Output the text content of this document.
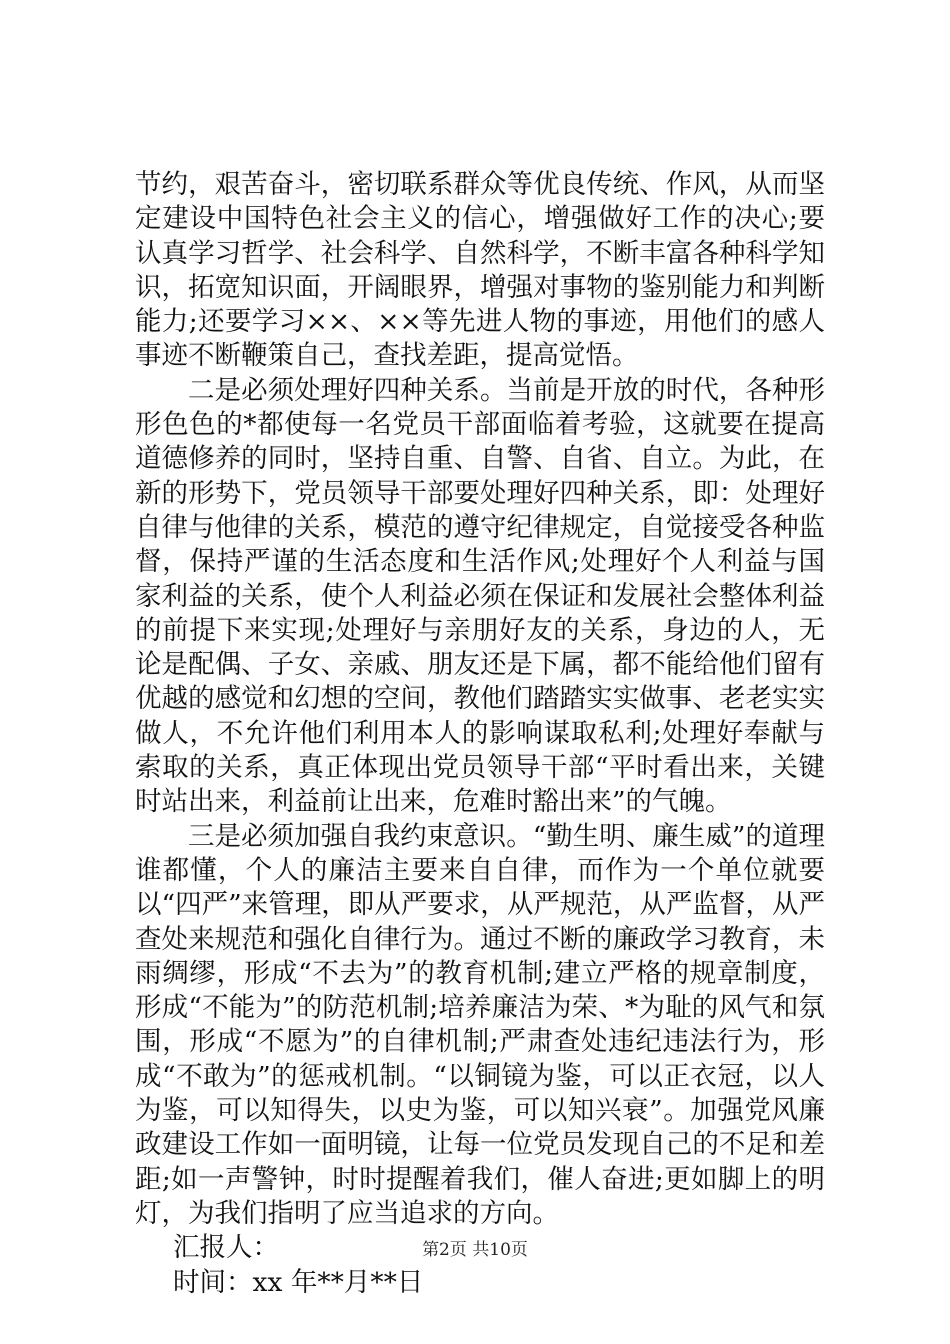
节约，艰苦奋斗，密切联系群众等优良传统、作风，从而坚定建设中国特色社会主义的信心，增强做好工作的决心;要认真学习哲学、社会科学、自然科学，不断丰富各种科学知识，拓宽知识面，开阔眼界，增强对事物的鉴别能力和判断能力;还要学习××、××等先进人物的事迹，用他们的感人事迹不断鞭策自己，查找差距，提高觉悟。

二是必须处理好四种关系。当前是开放的时代，各种形形色色的*都使每一名党员干部面临着考验，这就要在提高道德修养的同时，坚持自重、自警、自省、自立。为此，在新的形势下，党员领导干部要处理好四种关系，即：处理好自律与他律的关系，模范的遵守纪律规定，自觉接受各种监督，保持严谨的生活态度和生活作风;处理好个人利益与国家利益的关系，使个人利益必须在保证和发展社会整体利益的前提下来实现;处理好与亲朋好友的关系，身边的人，无论是配偶、子女、亲戚、朋友还是下属，都不能给他们留有优越的感觉和幻想的空间，教他们踏踏实实做事、老老实实做人，不允许他们利用本人的影响谋取私利;处理好奉献与索取的关系，真正体现出党员领导干部“平时看出来，关键时站出来，利益前让出来，危难时豁出来”的气魄。

三是必须加强自我约束意识。“勤生明、廉生威”的道理谁都懂，个人的廉洁主要来自自律，而作为一个单位就要以“四严”来管理，即从严要求，从严规范，从严监督，从严查处来规范和强化自律行为。通过不断的廉政学习教育，未雨绸缪，形成“不去为”的教育机制;建立严格的规章制度，形成“不能为”的防范机制;培养廉洁为荣、*为耻的风气和氛围，形成“不愿为”的自律机制;严肃查处违纪违法行为，形成“不敢为”的惩戒机制。“以铜镜为鉴，可以正衣冠，以人为鉴，可以知得失，以史为鉴，可以知兴衰”。加强党风廉政建设工作如一面明镜，让每一位党员发现自己的不足和差距;如一声警钟，时时提醒着我们，催人奋进;更如脚上的明灯，为我们指明了应当追求的方向。

汇报人：

时间：xx 年**月**日

第2页 共10页
